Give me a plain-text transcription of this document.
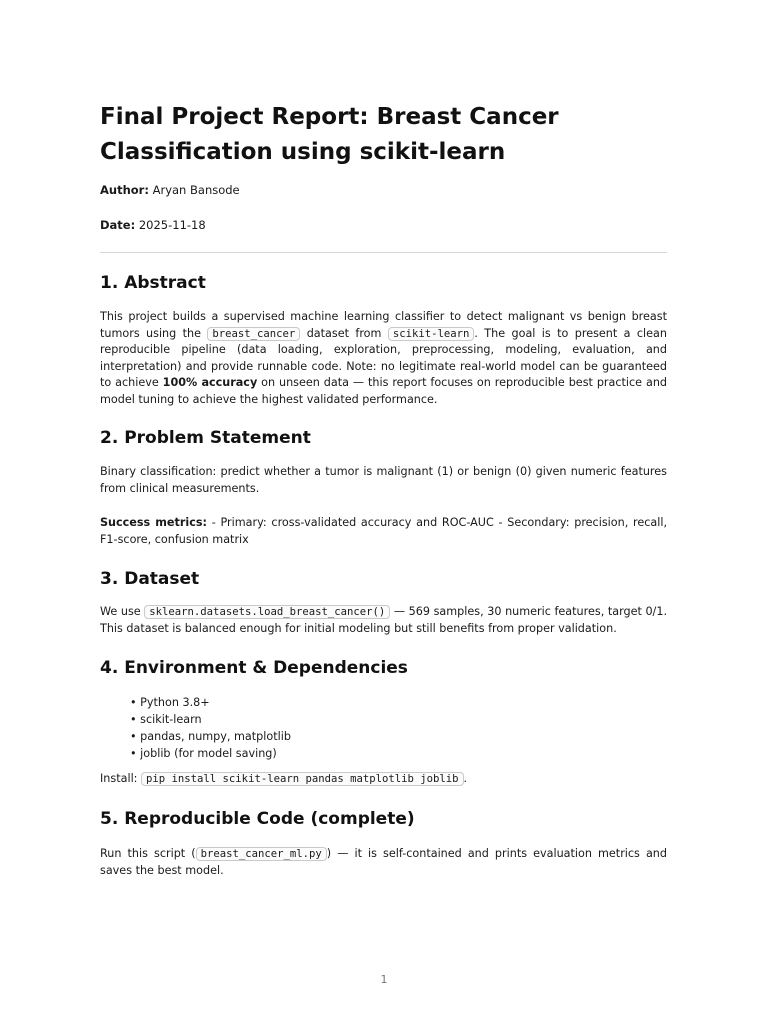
Final Project Report: Breast Cancer Classification using scikit-learn
Author: Aryan Bansode
Date: 2025-11-18
1. Abstract

This project builds a supervised machine learning classifier to detect malignant vs benign breast tumors using the breast_cancer dataset from scikit-learn . The goal is to present a clean reproducible pipeline (data loading, exploration, preprocessing, modeling, evaluation, and interpretation) and provide runnable code. Note: no legitimate real-world model can be guaranteed to achieve 100% accuracy on unseen data — this report focuses on reproducible best practice and model tuning to achieve the highest validated performance.

2. Problem Statement

Binary classification: predict whether a tumor is malignant (1) or benign (0) given numeric features from clinical measurements.

Success metrics: - Primary: cross-validated accuracy and ROC-AUC - Secondary: precision, recall, F1-score, confusion matrix

3. Dataset

We use sklearn.datasets.load_breast_cancer() — 569 samples, 30 numeric features, target 0/1. This dataset is balanced enough for initial modeling but still benefits from proper validation.

4. Environment & Dependencies
• Python 3.8+
• scikit-learn
• pandas, numpy, matplotlib
• joblib (for model saving)

Install: pip install scikit-learn pandas matplotlib joblib .

5. Reproducible Code (complete)

Run this script ( breast_cancer_ml.py ) — it is self-contained and prints evaluation metrics and saves the best model.

1
